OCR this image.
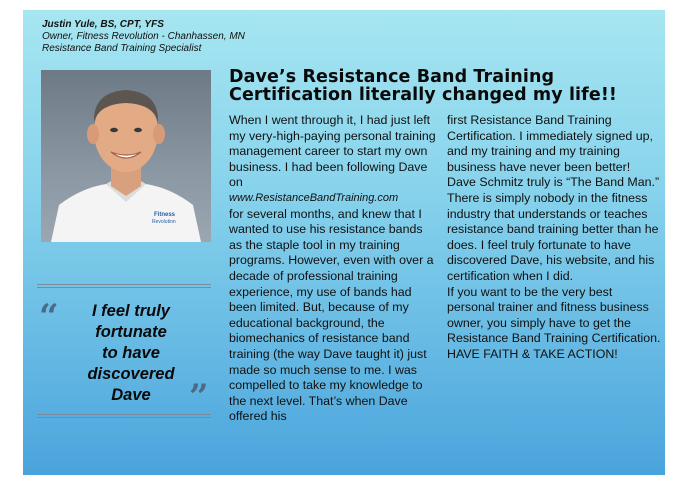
Justin Yule, BS, CPT, YFS
Owner, Fitness Revolution - Chanhassen, MN
Resistance Band Training Specialist
Fitness
Revolution
Dave’s Resistance Band Training
Certification literally changed my life!!

When I went through it, I had just left my very-high-paying personal training management career to start my own business. I had been following Dave on

www.ResistanceBandTraining.com

for several months, and knew that I wanted to use his resistance bands as the staple tool in my training programs. However, even with over a decade of professional training experience, my use of bands had been limited. But, because of my educational background, the biomechanics of resistance band training (the way Dave taught it) just made so much sense to me. I was compelled to take my knowledge to the next level. That’s when Dave offered his

first Resistance Band Training Certification. I immediately signed up, and my training and my training business have never been better!

Dave Schmitz truly is “The Band Man.” There is simply nobody in the fitness industry that understands or teaches resistance band training better than he does. I feel truly fortunate to have discovered Dave, his website, and his certification when I did.

If you want to be the very best personal trainer and fitness business owner, you simply have to get the Resistance Band Training Certification.

HAVE FAITH & TAKE ACTION!

“	I feel truly
fortunate
to have
discovered
Dave	”
